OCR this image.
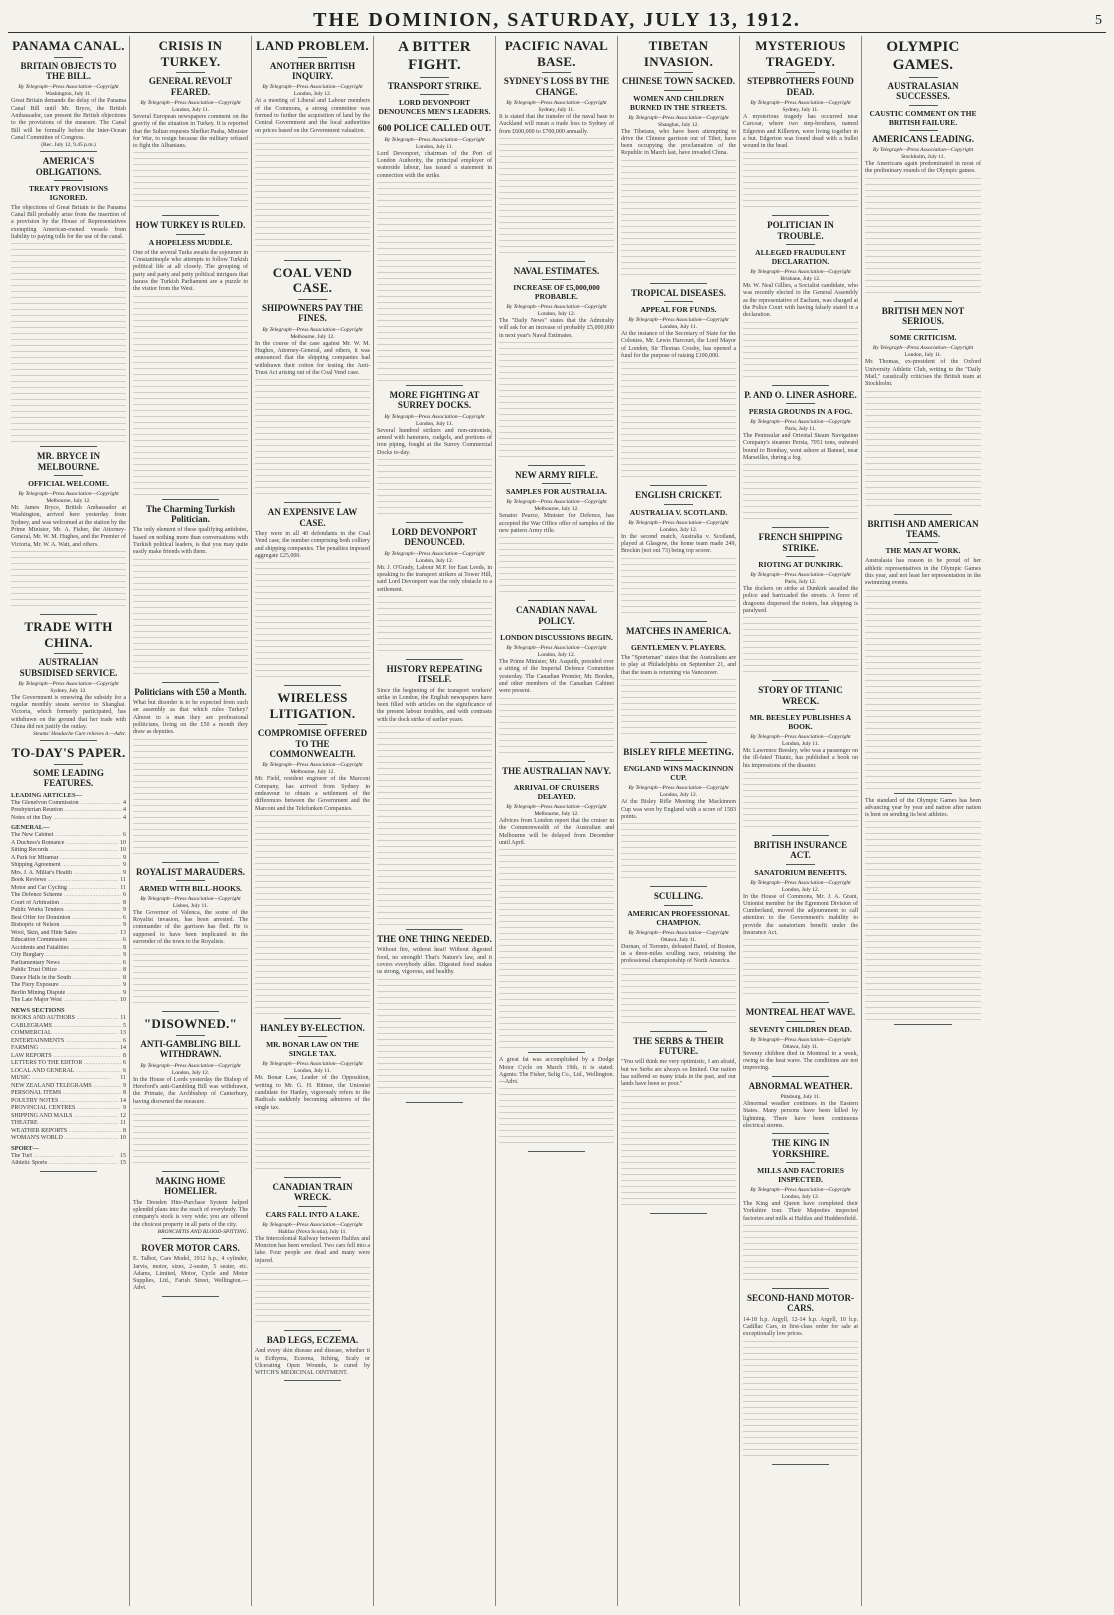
THE DOMINION, SATURDAY, JULY 13, 1912.	5
PANAMA CANAL.
BRITAIN OBJECTS TO THE BILL.
By Telegraph—Press Association—Copyright
Washington, July 11.
Great Britain demands the delay of the Panama Canal Bill until Mr. Bryce, the British Ambassador, can present the British objections to the provisions of the measure. The Canal Bill will be formally before the Inter-Ocean Canal Committee of Congress.
(Rec. July 12, 9.45 p.m.)
AMERICA'S OBLIGATIONS.
TREATY PROVISIONS IGNORED.
The objections of Great Britain to the Panama Canal Bill probably arise from the insertion of a provision by the House of Representatives exempting American-owned vessels from liability to paying tolls for the use of the canal.
MR. BRYCE IN MELBOURNE.
OFFICIAL WELCOME.
By Telegraph—Press Association—Copyright
Melbourne, July 12.
Mr. James Bryce, British Ambassador at Washington, arrived here yesterday from Sydney, and was welcomed at the station by the Prime Minister, Mr. A. Fisher, the Attorney-General, Mr. W. M. Hughes, and the Premier of Victoria, Mr. W. A. Watt, and others.
TRADE WITH CHINA.
AUSTRALIAN SUBSIDISED SERVICE.
By Telegraph—Press Association—Copyright
Sydney, July 12.
The Government is renewing the subsidy for a regular monthly steam service to Shanghai. Victoria, which formerly participated, has withdrawn on the ground that her trade with China did not justify the outlay.
Steams' Headache Cure relieves it.—Advt.
TO-DAY'S PAPER.
SOME LEADING FEATURES.
LEADING ARTICLES—
The Glenelvon Commission .....	4
Presbyterian Reunion .....	4
Notes of the Day .....	4
GENERAL—
The New Cabinet .....	6
A Duchess's Romance .....	10
Sitting Records .....	10
A Park for Miramar .....	9
Shipping Agreement .....	9
Mrs. J. A. Millar's Health .....	9
Book Reviews .....	11
Motor and Car Cycling .....	11
The Defence Scheme .....	6
Court of Arbitration .....	8
Public Works Tenders .....	9
Best Offer for Dominion .....	6
Bishopric of Nelson .....	9
Wool, Skin, and Hide Sales .....	13
Education Commission .....	6
Accidents and Fatalities .....	8
City Burglary .....	9
Parliamentary News .....	6
Public Trust Office .....	8
Dance Halls in the South .....	8
The Fiery Exposure .....	9
Berlin Mining Dispute .....	9
The Late Major West .....	10
NEWS SECTIONS
BOOKS AND AUTHORS .....	11
CABLEGRAMS .....	5
COMMERCIAL .....	13
ENTERTAINMENTS .....	6
FARMING .....	14
LAW REPORTS .....	8
LETTERS TO THE EDITOR .....	6
LOCAL AND GENERAL .....	6
MUSIC .....	11
NEW ZEALAND TELEGRAMS .....	9
PERSONAL ITEMS .....	8
POULTRY NOTES .....	14
PROVINCIAL CENTRES .....	9
SHIPPING AND MAILS .....	12
THEATRE .....	11
WEATHER REPORTS .....	8
WOMAN'S WORLD .....	10
SPORT—
The Turf .....	15
Athletic Sports .....	15
CRISIS IN TURKEY.
GENERAL REVOLT FEARED.
By Telegraph—Press Association—Copyright
London, July 11.
Several European newspapers comment on the gravity of the situation in Turkey. It is reported that the Sultan requests Shefket Pasha, Minister for War, to resign because the military refused to fight the Albanians.
HOW TURKEY IS RULED.
A HOPELESS MUDDLE.
One of the several Turks awaits the sojourner in Constantinople who attempts to follow Turkish political life at all closely. The grouping of party and party and petty political intrigues that harass the Turkish Parliament are a puzzle to the visitor from the West.
The Charming Turkish Politician.
The only element of these qualifying antidotes, based on nothing more than conversations with Turkish political leaders, is that you may quite easily make friends with them.
Politicians with £50 a Month.
What but disorder is to be expected from such an assembly as that which rules Turkey? Almost to a man they are professional politicians, living on the £50 a month they draw as deputies.
ROYALIST MARAUDERS.
ARMED WITH BILL-HOOKS.
By Telegraph—Press Association—Copyright
Lisbon, July 11.
The Governor of Valenca, the scene of the Royalist invasion, has been arrested. The commander of the garrison has fled. He is supposed to have been implicated in the surrender of the town to the Royalists.
"DISOWNED."
ANTI-GAMBLING BILL WITHDRAWN.
By Telegraph—Press Association—Copyright
London, July 12.
In the House of Lords yesterday the Bishop of Hereford's anti-Gambling Bill was withdrawn, the Primate, the Archbishop of Canterbury, having disowned the measure.
MAKING HOME HOMELIER.
The Dresden Hire-Purchase System helped splendid plans into the reach of everybody. The company's stock is very wide; you are offered the choicest property in all parts of the city.
BRONCHITIS AND BLOOD-SPITTING.
ROVER MOTOR CARS.
E. Talbot, Cars Model, 1912 h.p., 4 cylinder, Jarvis, motor, sizes, 2-seater, 5 seater, etc. Adams, Limited, Motor, Cycle and Motor Supplies, Ltd., Farish Street, Wellington.—Advt.
LAND PROBLEM.
ANOTHER BRITISH INQUIRY.
By Telegraph—Press Association—Copyright
London, July 12.
At a meeting of Liberal and Labour members of the Commons, a strong committee was formed to further the acquisition of land by the Central Government and the local authorities on prices based on the Government valuation.
COAL VEND CASE.
SHIPOWNERS PAY THE FINES.
By Telegraph—Press Association—Copyright
Melbourne, July 12.
In the course of the case against Mr. W. M. Hughes, Attorney-General, and others, it was announced that the shipping companies had withdrawn their cotton for testing the Anti-Trust Act arising out of the Coal Vend case.
AN EXPENSIVE LAW CASE.
They were in all 40 defendants in the Coal Vend case, the number comprising both colliery and shipping companies. The penalties imposed aggregate £25,000.
WIRELESS LITIGATION.
COMPROMISE OFFERED TO THE COMMONWEALTH.
By Telegraph—Press Association—Copyright
Melbourne, July 12.
Mr. Field, resident engineer of the Marconi Company, has arrived from Sydney in endeavour to obtain a settlement of the differences between the Government and the Marconi and the Telefunken Companies.
HANLEY BY-ELECTION.
MR. BONAR LAW ON THE SINGLE TAX.
By Telegraph—Press Association—Copyright
London, July 11.
Mr. Bonar Law, Leader of the Opposition, writing to Mr. G. H. Rittner, the Unionist candidate for Hanley, vigorously refers to the Radicals suddenly becoming admirers of the single tax.
CANADIAN TRAIN WRECK.
CARS FALL INTO A LAKE.
By Telegraph—Press Association—Copyright
Halifax (Nova Scotia), July 11.
The Intercolonial Railway between Halifax and Moncton has been wrecked. Two cars fell into a lake. Four people are dead and many were injured.
BAD LEGS, ECZEMA.
And every skin disease and disease, whether it is Ecthyma, Eczema, Itching, Scaly or Ulcerating Open Wounds, is cured by WITCH'S MEDICINAL OINTMENT.
A BITTER FIGHT.
TRANSPORT STRIKE.
LORD DEVONPORT DENOUNCES MEN'S LEADERS.
600 POLICE CALLED OUT.
By Telegraph—Press Association—Copyright
London, July 11.
Lord Devonport, chairman of the Port of London Authority, the principal employer of waterside labour, has issued a statement in connection with the strike.
MORE FIGHTING AT SURREY DOCKS.
By Telegraph—Press Association—Copyright
London, July 11.
Several hundred strikers and non-unionists, armed with hammers, cudgels, and portions of iron piping, fought at the Surrey Commercial Docks to-day.
LORD DEVONPORT DENOUNCED.
By Telegraph—Press Association—Copyright
London, July 12.
Mr. J. O'Grady, Labour M.P. for East Leeds, in speaking to the transport strikers at Tower Hill, said Lord Devonport was the only obstacle to a settlement.
HISTORY REPEATING ITSELF.
Since the beginning of the transport workers' strike in London, the English newspapers have been filled with articles on the significance of the present labour troubles, and with contrasts with the dock strike of earlier years.
THE ONE THING NEEDED.
Without fire, without heat! Without digested food, no strength! That's Nature's law, and it covers everybody alike. Digested food makes us strong, vigorous, and healthy.
PACIFIC NAVAL BASE.
SYDNEY'S LOSS BY THE CHANGE.
By Telegraph—Press Association—Copyright
Sydney, July 11.
It is stated that the transfer of the naval base to Auckland will mean a trade loss to Sydney of from £600,000 to £700,000 annually.
NAVAL ESTIMATES.
INCREASE OF £5,000,000 PROBABLE.
By Telegraph—Press Association—Copyright
London, July 12.
The "Daily News" states that the Admiralty will ask for an increase of probably £5,000,000 in next year's Naval Estimates.
NEW ARMY RIFLE.
SAMPLES FOR AUSTRALIA.
By Telegraph—Press Association—Copyright
Melbourne, July 12.
Senator Pearce, Minister for Defence, has accepted the War Office offer of samples of the new pattern Army rifle.
CANADIAN NAVAL POLICY.
LONDON DISCUSSIONS BEGIN.
By Telegraph—Press Association—Copyright
London, July 12.
The Prime Minister, Mr. Asquith, presided over a sitting of the Imperial Defence Committee yesterday. The Canadian Premier, Mr. Borden, and other members of the Canadian Cabinet were present.
THE AUSTRALIAN NAVY.
ARRIVAL OF CRUISERS DELAYED.
By Telegraph—Press Association—Copyright
Melbourne, July 12.
Advices from London report that the cruiser in the Commonwealth of the Australian and Melbourne will be delayed from December until April.
A great fat was accomplished by a Dodge Motor Cycle on March 19th, it is stated. Agents: The Fisher, Selig Co., Ltd., Wellington.—Advt.
TIBETAN INVASION.
CHINESE TOWN SACKED.
WOMEN AND CHILDREN BURNED IN THE STREETS.
By Telegraph—Press Association—Copyright
Shanghai, July 12.
The Tibetans, who have been attempting to drive the Chinese garrison out of Tibet, have been occupying the proclamation of the Republic in March last, have invaded China.
TROPICAL DISEASES.
APPEAL FOR FUNDS.
By Telegraph—Press Association—Copyright
London, July 11.
At the instance of the Secretary of State for the Colonies, Mr. Lewis Harcourt, the Lord Mayor of London, Sir Thomas Crosby, has opened a fund for the purpose of raising £100,000.
ENGLISH CRICKET.
AUSTRALIA V. SCOTLAND.
By Telegraph—Press Association—Copyright
London, July 12.
In the second match, Australia v. Scotland, played at Glasgow, the home team made 249, Breckin (not out 73) being top scorer.
MATCHES IN AMERICA.
GENTLEMEN V. PLAYERS.
The "Sportsman" states that the Australians are to play at Philadelphia on September 21, and that the team is returning via Vancouver.
BISLEY RIFLE MEETING.
ENGLAND WINS MACKINNON CUP.
By Telegraph—Press Association—Copyright
London, July 12.
At the Bisley Rifle Meeting the Mackinnon Cup was won by England with a score of 1583 points.
SCULLING.
AMERICAN PROFESSIONAL CHAMPION.
By Telegraph—Press Association—Copyright
Ottawa, July 11.
Durnan, of Toronto, defeated Baird, of Boston, in a three-miles sculling race, retaining the professional championship of North America.
THE SERBS & THEIR FUTURE.
"You will think me very optimistic, I am afraid, but we Serbs are always so limited. Our nation has suffered so many trials in the past, and our lands have been so poor."
MYSTERIOUS TRAGEDY.
STEPBROTHERS FOUND DEAD.
By Telegraph—Press Association—Copyright
Sydney, July 11.
A mysterious tragedy has occurred near Carcoar, where two step-brothers, named Edgerton and Killerton, were living together in a hut. Edgerton was found dead with a bullet wound in the head.
POLITICIAN IN TROUBLE.
ALLEGED FRAUDULENT DECLARATION.
By Telegraph—Press Association—Copyright
Brisbane, July 12.
Mr. W. Neal Gillies, a Socialist candidate, who was recently elected to the General Assembly as the representative of Eacham, was charged at the Police Court with having falsely stated in a declaration.
P. AND O. LINER ASHORE.
PERSIA GROUNDS IN A FOG.
By Telegraph—Press Association—Copyright
Paris, July 11.
The Peninsular and Oriental Steam Navigation Company's steamer Persia, 7951 tons, outward bound to Bombay, went ashore at Banuel, near Marseilles, during a fog.
FRENCH SHIPPING STRIKE.
RIOTING AT DUNKIRK.
By Telegraph—Press Association—Copyright
Paris, July 12.
The dockers on strike at Dunkirk assailed the police and barricaded the streets. A force of dragoons dispersed the rioters, but shipping is paralysed.
STORY OF TITANIC WRECK.
MR. BEESLEY PUBLISHES A BOOK.
By Telegraph—Press Association—Copyright
London, July 11.
Mr. Lawrence Beesley, who was a passenger on the ill-fated Titanic, has published a book on his impressions of the disaster.
BRITISH INSURANCE ACT.
SANATORIUM BENEFITS.
By Telegraph—Press Association—Copyright
London, July 12.
In the House of Commons, Mr. J. A. Grant, Unionist member for the Egremont Division of Cumberland, moved the adjournment to call attention to the Government's inability to provide the sanatorium benefit under the Insurance Act.
MONTREAL HEAT WAVE.
SEVENTY CHILDREN DEAD.
By Telegraph—Press Association—Copyright
Ottawa, July 11.
Seventy children died in Montreal in a week, owing to the heat wave. The conditions are not improving.
ABNORMAL WEATHER.
Pittsburg, July 11.
Abnormal weather continues in the Eastern States. Many persons have been killed by lightning. There have been continuous electrical storms.
THE KING IN YORKSHIRE.
MILLS AND FACTORIES INSPECTED.
By Telegraph—Press Association—Copyright
London, July 12.
The King and Queen have completed their Yorkshire tour. Their Majesties inspected factories and mills at Halifax and Huddersfield.
SECOND-HAND MOTOR-CARS.
14-18 h.p. Argyll, 12-14 h.p. Argyll, 10 h.p. Cadillac Cars, in first-class order for sale at exceptionally low prices.
OLYMPIC GAMES.
AUSTRALASIAN SUCCESSES.
CAUSTIC COMMENT ON THE BRITISH FAILURE.
AMERICANS LEADING.
By Telegraph—Press Association—Copyright
Stockholm, July 11.
The Americans again predominated in most of the preliminary rounds of the Olympic games.
BRITISH MEN NOT SERIOUS.
SOME CRITICISM.
By Telegraph—Press Association—Copyright
London, July 11.
Mr. Thomas, ex-president of the Oxford University Athletic Club, writing to the "Daily Mail," caustically criticises the British team at Stockholm.
BRITISH AND AMERICAN TEAMS.
THE MAN AT WORK.
Australasia has reason to be proud of her athletic representatives in the Olympic Games this year, and not least her representation in the swimming events.
The standard of the Olympic Games has been advancing year by year and nation after nation is bent on sending its best athletes.
